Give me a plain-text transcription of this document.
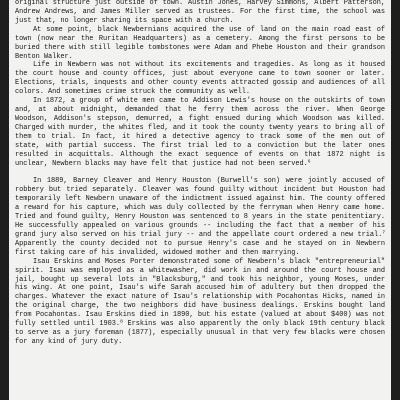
original structure just outside of town. Austin Jones, Harvey Simmons, Albert Patterson, Andrew Andrews, and James Miller served as trustees. For the first time, the school was just that, no longer sharing its space with a church.

At some point, black Newbernians acquired the use of land on the main road east of town (now near the Ruritan Headquarters) as a cemetery. Among the first persons to be buried there with still legible tombstones were Adam and Phebe Houston and their grandson Benton Walker.

Life in Newbern was not without its excitements and tragedies. As long as it housed the court house and county offices, just about everyone came to town sooner or later. Elections, trials, inquests and other county events attracted gossip and audiences of all colors. And sometimes crime struck the community as well.

In 1872, a group of white men came to Addison Lewis's house on the outskirts of town and, at about midnight, demanded that he ferry them across the river. When George Woodson, Addison's stepson, demurred, a fight ensued during which Woodson was killed. Charged with murder, the whites fled, and it took the county twenty years to bring all of them to trial. In fact, it hired a detective agency to track some of the men out of state, with partial success. The first trial led to a conviction but the later ones resulted in acquittals. Although the exact sequence of events on that 1872 night is unclear, Newbern blacks may have felt that justice had not been served.$^6$

In 1889, Barney Cleaver and Henry Houston (Burwell's son) were jointly accused of robbery but tried separately. Cleaver was found guilty without incident but Houston had temporarily left Newbern unaware of the indictment issued against him. The county offered a reward for his capture, which was duly collected by the ferryman when Henry came home. Tried and found guilty, Henry Houston was sentenced to 8 years in the state penitentiary. He successfully appealed on various grounds -- including the fact that a member of his grand jury also served on his trial jury -- and the appellate court ordered a new trial.$^7$ Apparently the county decided not to pursue Henry's case and he stayed on in Newbern first taking care of his invalided, widowed mother and then marrying.

Isau Erskins and Moses Porter demonstrated some of Newbern's black "entrepreneurial" spirit. Isau was employed as a whitewasher, did work in and around the court house and jail, bought up several lots in "Blacksburg," and took his neighbor, young Moses, under his wing. At one point, Isau's wife Sarah accused him of adultery but then dropped the charges. Whatever the exact nature of Isau's relationship with Pocahontas Hicks, named in the original charge, the two neighbors did have business dealings. Erskins bought land from Pocahontas. Isau Erskins died in 1890, but his estate (valued at about $400) was not fully settled until 1903.$^8$ Erskins was also apparently the only black 19th century black to serve as a jury foreman (1877), especially unusual in that very few blacks were chosen for any kind of jury duty.
